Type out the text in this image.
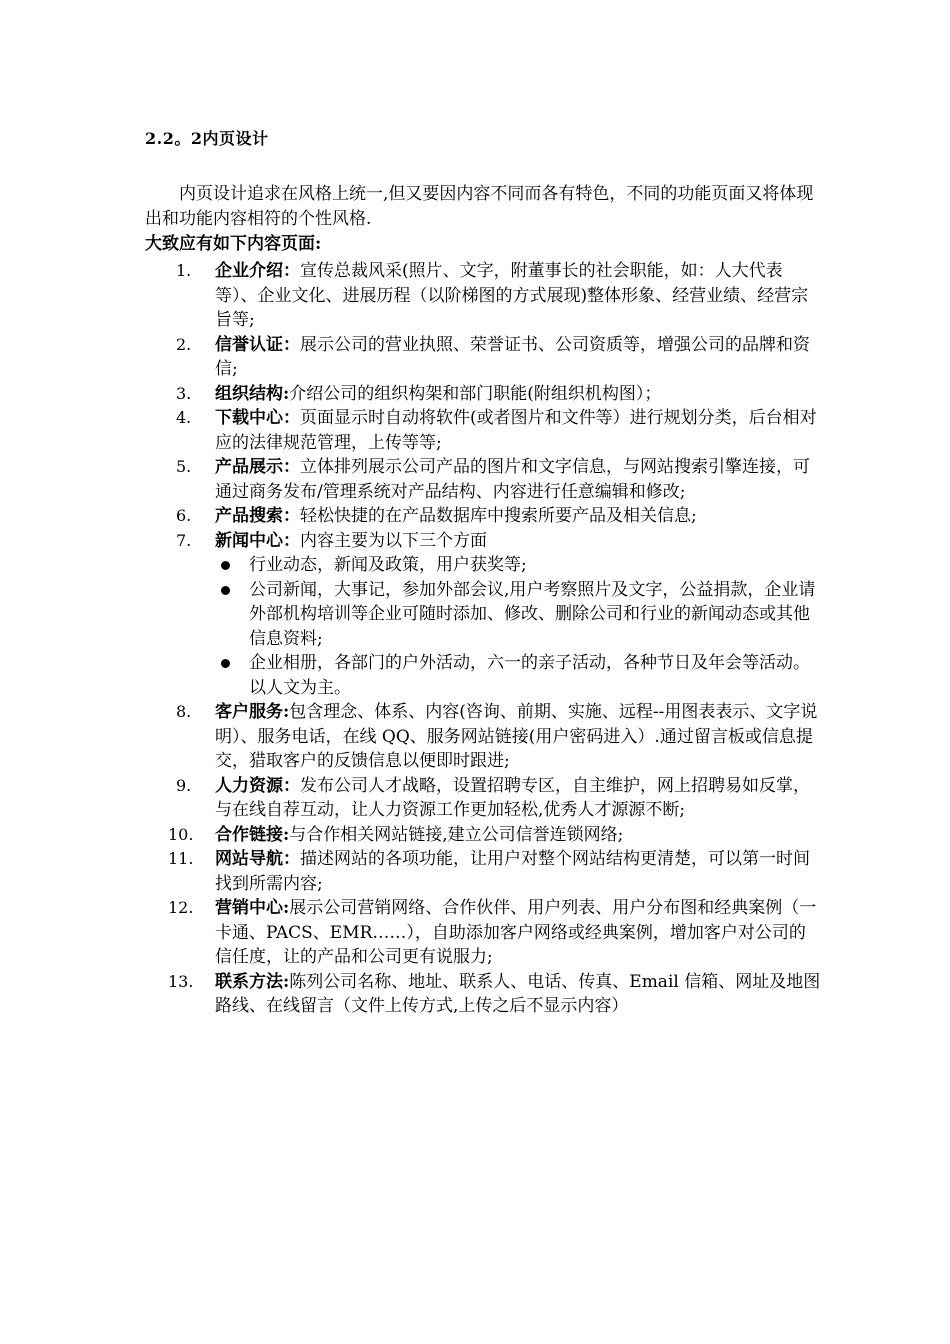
2.2。2内页设计
内页设计追求在风格上统一,但又要因内容不同而各有特色，不同的功能页面又将体现出和功能内容相符的个性风格.
大致应有如下内容页面:
1.	企业介绍：宣传总裁风采(照片、文字，附董事长的社会职能，如：人大代表等）、企业文化、进展历程（以阶梯图的方式展现)整体形象、经营业绩、经营宗旨等;
2.	信誉认证：展示公司的营业执照、荣誉证书、公司资质等，增强公司的品牌和资信;
3.	组织结构:介绍公司的组织构架和部门职能(附组织机构图）；
4.	下载中心：页面显示时自动将软件(或者图片和文件等）进行规划分类，后台相对应的法律规范管理，上传等等;
5.	产品展示：立体排列展示公司产品的图片和文字信息，与网站搜索引擎连接，可通过商务发布/管理系统对产品结构、内容进行任意编辑和修改;
6.	产品搜索：轻松快捷的在产品数据库中搜索所要产品及相关信息;
7.	新闻中心：内容主要为以下三个方面
行业动态，新闻及政策，用户获奖等;
公司新闻，大事记，参加外部会议,用户考察照片及文字，公益捐款，企业请外部机构培训等企业可随时添加、修改、删除公司和行业的新闻动态或其他信息资料;
企业相册，各部门的户外活动，六一的亲子活动，各种节日及年会等活动。以人文为主。
8.	客户服务:包含理念、体系、内容(咨询、前期、实施、远程--用图表表示、文字说明）、服务电话，在线 QQ、服务网站链接(用户密码进入）.通过留言板或信息提交，猎取客户的反馈信息以便即时跟进;
9.	人力资源：发布公司人才战略，设置招聘专区，自主维护，网上招聘易如反掌，与在线自荐互动，让人力资源工作更加轻松,优秀人才源源不断;
10.	合作链接:与合作相关网站链接,建立公司信誉连锁网络;
11.	网站导航：描述网站的各项功能，让用户对整个网站结构更清楚，可以第一时间找到所需内容;
12.	营销中心:展示公司营销网络、合作伙伴、用户列表、用户分布图和经典案例（一卡通、PACS、EMR……），自助添加客户网络或经典案例，增加客户对公司的信任度，让的产品和公司更有说服力;
13.	联系方法:陈列公司名称、地址、联系人、电话、传真、Email 信箱、网址及地图路线、在线留言（文件上传方式,上传之后不显示内容）
